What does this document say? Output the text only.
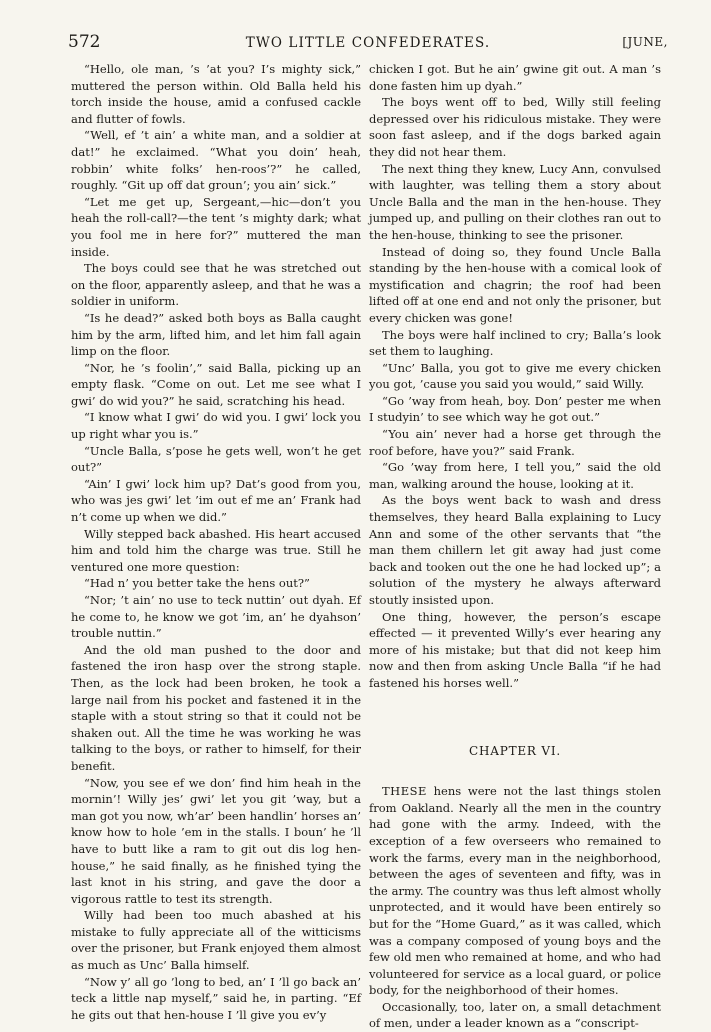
572	TWO LITTLE CONFEDERATES.	[JUNE,

“Hello, ole man, ’s ’at you? I’s mighty sick,” muttered the person within. Old Balla held his torch inside the house, amid a confused cackle and flutter of fowls.

“Well, ef ’t ain’ a white man, and a soldier at dat!” he exclaimed. “What you doin’ heah, robbin’ white folks’ hen-roos’?” he called, roughly. “Git up off dat groun’; you ain’ sick.”

“Let me get up, Sergeant,—hic—don’t you heah the roll-call?—the tent ’s mighty dark; what you fool me in here for?” muttered the man inside.

The boys could see that he was stretched out on the floor, apparently asleep, and that he was a soldier in uniform.

“Is he dead?” asked both boys as Balla caught him by the arm, lifted him, and let him fall again limp on the floor.

“Nor, he ’s foolin’,” said Balla, picking up an empty flask. “Come on out. Let me see what I gwi’ do wid you?” he said, scratching his head.

“I know what I gwi’ do wid you. I gwi’ lock you up right whar you is.”

“Uncle Balla, s’pose he gets well, won’t he get out?”

“Ain’ I gwi’ lock him up? Dat’s good from you, who was jes gwi’ let ’im out ef me an’ Frank had n’t come up when we did.”

Willy stepped back abashed. His heart accused him and told him the charge was true. Still he ventured one more question:

“Had n’ you better take the hens out?”

“Nor; ’t ain’ no use to teck nuttin’ out dyah. Ef he come to, he know we got ’im, an’ he dyahson’ trouble nuttin.”

And the old man pushed to the door and fastened the iron hasp over the strong staple. Then, as the lock had been broken, he took a large nail from his pocket and fastened it in the staple with a stout string so that it could not be shaken out. All the time he was working he was talking to the boys, or rather to himself, for their benefit.

“Now, you see ef we don’ find him heah in the mornin’! Willy jes’ gwi’ let you git ’way, but a man got you now, wh’ar’ been handlin’ horses an’ know how to hole ’em in the stalls. I boun’ he ’ll have to butt like a ram to git out dis log hen-house,” he said finally, as he finished tying the last knot in his string, and gave the door a vigorous rattle to test its strength.

Willy had been too much abashed at his mistake to fully appreciate all of the witticisms over the prisoner, but Frank enjoyed them almost as much as Unc’ Balla himself.

“Now y’ all go ’long to bed, an’ I ’ll go back an’ teck a little nap myself,” said he, in parting. “Ef he gits out that hen-house I ’ll give you ev’y

chicken I got. But he ain’ gwine git out. A man ’s done fasten him up dyah.”

The boys went off to bed, Willy still feeling depressed over his ridiculous mistake. They were soon fast asleep, and if the dogs barked again they did not hear them.

The next thing they knew, Lucy Ann, convulsed with laughter, was telling them a story about Uncle Balla and the man in the hen-house. They jumped up, and pulling on their clothes ran out to the hen-house, thinking to see the prisoner.

Instead of doing so, they found Uncle Balla standing by the hen-house with a comical look of mystification and chagrin; the roof had been lifted off at one end and not only the prisoner, but every chicken was gone!

The boys were half inclined to cry; Balla’s look set them to laughing.

“Unc’ Balla, you got to give me every chicken you got, ’cause you said you would,” said Willy.

“Go ’way from heah, boy. Don’ pester me when I studyin’ to see which way he got out.”

“You ain’ never had a horse get through the roof before, have you?” said Frank.

“Go ’way from here, I tell you,” said the old man, walking around the house, looking at it.

As the boys went back to wash and dress themselves, they heard Balla explaining to Lucy Ann and some of the other servants that “the man them chillern let git away had just come back and tooken out the one he had locked up”; a solution of the mystery he always afterward stoutly insisted upon.

One thing, however, the person’s escape effected — it prevented Willy’s ever hearing any more of his mistake; but that did not keep him now and then from asking Uncle Balla “if he had fastened his horses well.”

CHAPTER VI.

THESE hens were not the last things stolen from Oakland. Nearly all the men in the country had gone with the army. Indeed, with the exception of a few overseers who remained to work the farms, every man in the neighborhood, between the ages of seventeen and fifty, was in the army. The country was thus left almost wholly unprotected, and it would have been entirely so but for the “Home Guard,” as it was called, which was a company composed of young boys and the few old men who remained at home, and who had volunteered for service as a local guard, or police body, for the neighborhood of their homes.

Occasionally, too, later on, a small detachment of men, under a leader known as a “conscript-
